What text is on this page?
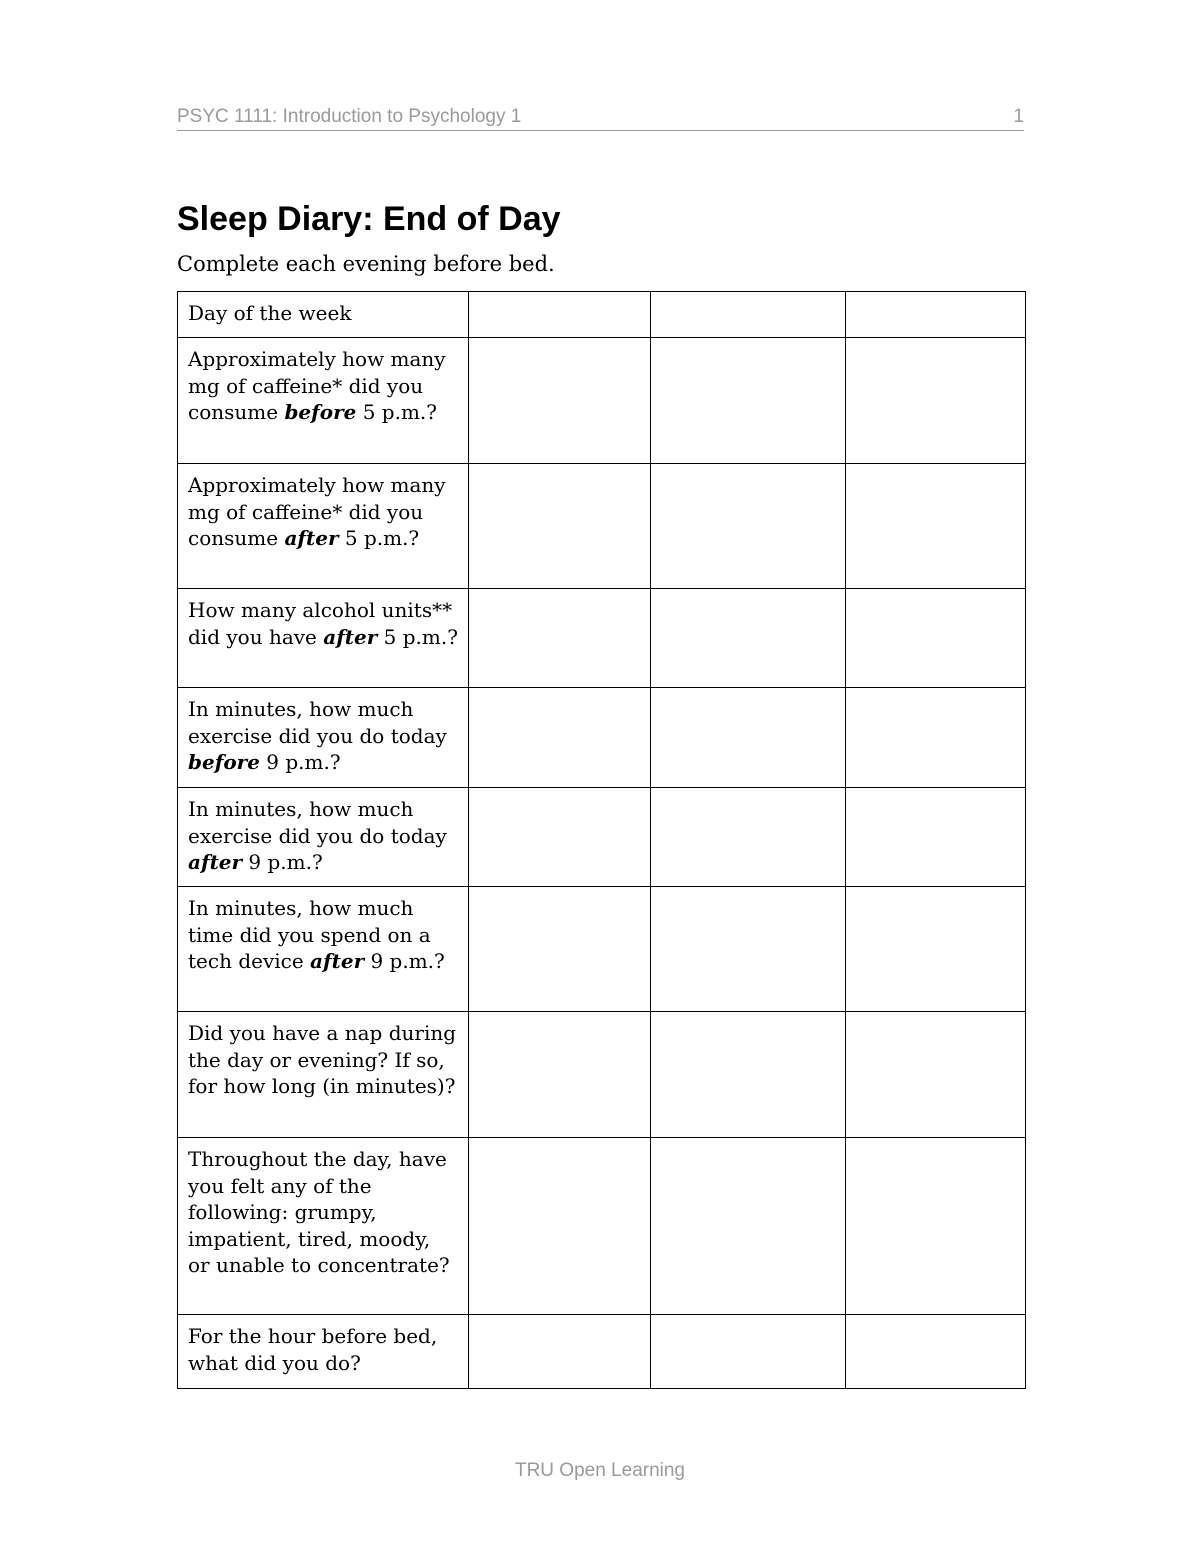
PSYC 1111: Introduction to Psychology 1	1
Sleep Diary: End of Day

Complete each evening before bed.

Day of the week			
Approximately how many mg of caffeine* did you consume before 5 p.m.?			
Approximately how many mg of caffeine* did you consume after 5 p.m.?			
How many alcohol units** did you have after 5 p.m.?			
In minutes, how much exercise did you do today before 9 p.m.?			
In minutes, how much exercise did you do today after 9 p.m.?			
In minutes, how much time did you spend on a tech device after 9 p.m.?			
Did you have a nap during the day or evening? If so, for how long (in minutes)?			
Throughout the day, have you felt any of the following: grumpy, impatient, tired, moody, or unable to concentrate?			
For the hour before bed, what did you do?			
TRU Open Learning
